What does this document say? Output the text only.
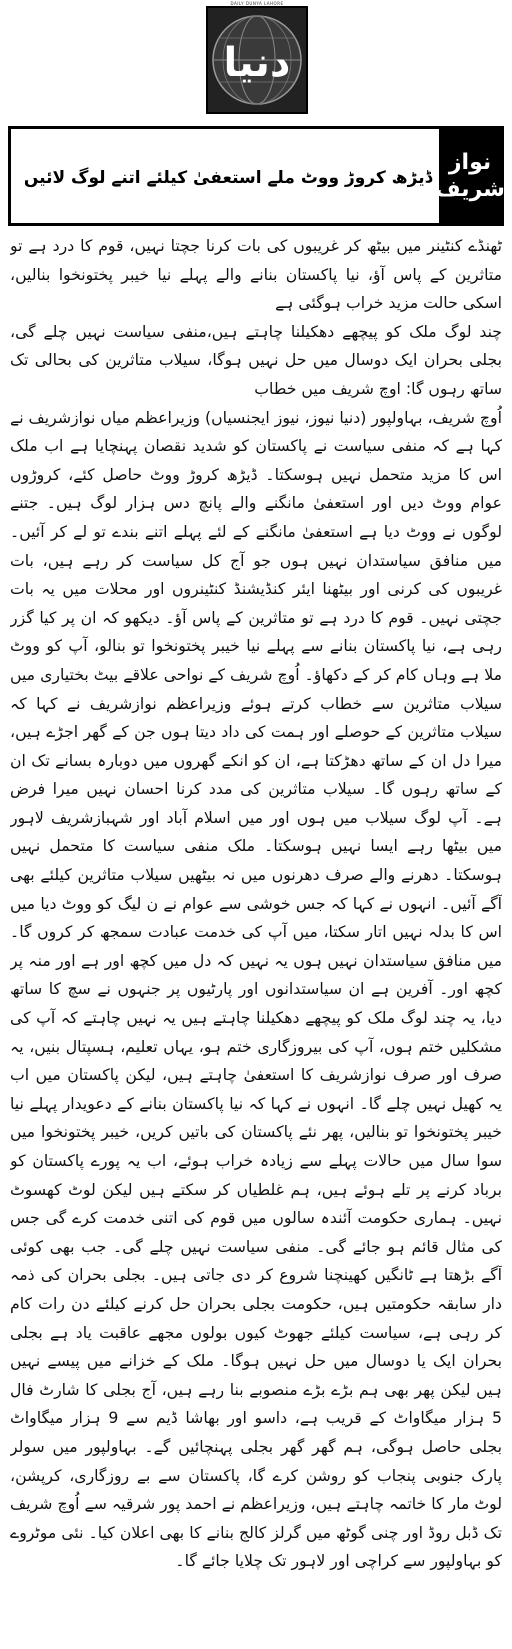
DAILY DUNYA LAHORE
دنیا
ڈیڑھ کروڑ ووٹ ملے استعفیٰ کیلئے اتنے لوگ لائیں
نواز
شریف

ٹھنڈے کنٹینر میں بیٹھ کر غریبوں کی بات کرنا جچتا نہیں، قوم کا درد ہے تو متاثرین کے پاس آؤ، نیا پاکستان بنانے والے پہلے نیا خیبر پختونخوا بنالیں، اسکی حالت مزید خراب ہوگئی ہے

چند لوگ ملک کو پیچھے دھکیلنا چاہتے ہیں،منفی سیاست نہیں چلے گی، بجلی بحران ایک دوسال میں حل نہیں ہوگا، سیلاب متاثرین کی بحالی تک ساتھ رہوں گا: اوچ شریف میں خطاب

اُوچ شریف، بہاولپور (دنیا نیوز، نیوز ایجنسیاں) وزیراعظم میاں نوازشریف نے کہا ہے کہ منفی سیاست نے پاکستان کو شدید نقصان پہنچایا ہے اب ملک اس کا مزید متحمل نہیں ہوسکتا۔ ڈیڑھ کروڑ ووٹ حاصل کئے، کروڑوں عوام ووٹ دیں اور استعفیٰ مانگنے والے پانچ دس ہزار لوگ ہیں۔ جتنے لوگوں نے ووٹ دیا ہے استعفیٰ مانگنے کے لئے پہلے اتنے بندے تو لے کر آئیں۔ میں منافق سیاستدان نہیں ہوں جو آج کل سیاست کر رہے ہیں، بات غریبوں کی کرنی اور بیٹھنا ایئر کنڈیشنڈ کنٹینروں اور محلات میں یہ بات جچتی نہیں۔ قوم کا درد ہے تو متاثرین کے پاس آؤ۔ دیکھو کہ ان پر کیا گزر رہی ہے، نیا پاکستان بنانے سے پہلے نیا خیبر پختونخوا تو بنالو، آپ کو ووٹ ملا ہے وہاں کام کر کے دکھاؤ۔ اُوچ شریف کے نواحی علاقے بیٹ بختیاری میں سیلاب متاثرین سے خطاب کرتے ہوئے وزیراعظم نوازشریف نے کہا کہ سیلاب متاثرین کے حوصلے اور ہمت کی داد دیتا ہوں جن کے گھر اجڑے ہیں، میرا دل ان کے ساتھ دھڑکتا ہے، ان کو انکے گھروں میں دوبارہ بسانے تک ان کے ساتھ رہوں گا۔ سیلاب متاثرین کی مدد کرنا احسان نہیں میرا فرض ہے۔ آپ لوگ سیلاب میں ہوں اور میں اسلام آباد اور شہبازشریف لاہور میں بیٹھا رہے ایسا نہیں ہوسکتا۔ ملک منفی سیاست کا متحمل نہیں ہوسکتا۔ دھرنے والے صرف دھرنوں میں نہ بیٹھیں سیلاب متاثرین کیلئے بھی آگے آئیں۔ انہوں نے کہا کہ جس خوشی سے عوام نے ن لیگ کو ووٹ دیا میں اس کا بدلہ نہیں اتار سکتا، میں آپ کی خدمت عبادت سمجھ کر کروں گا۔ میں منافق سیاستدان نہیں ہوں یہ نہیں کہ دل میں کچھ اور ہے اور منہ پر کچھ اور۔ آفرین ہے ان سیاستدانوں اور پارٹیوں پر جنہوں نے سچ کا ساتھ دیا، یہ چند لوگ ملک کو پیچھے دھکیلنا چاہتے ہیں یہ نہیں چاہتے کہ آپ کی مشکلیں ختم ہوں، آپ کی بیروزگاری ختم ہو، یہاں تعلیم، ہسپتال بنیں، یہ صرف اور صرف نوازشریف کا استعفیٰ چاہتے ہیں، لیکن پاکستان میں اب یہ کھیل نہیں چلے گا۔ انہوں نے کہا کہ نیا پاکستان بنانے کے دعویدار پہلے نیا خیبر پختونخوا تو بنالیں، پھر نئے پاکستان کی باتیں کریں، خیبر پختونخوا میں سوا سال میں حالات پہلے سے زیادہ خراب ہوئے، اب یہ پورے پاکستان کو برباد کرنے پر تلے ہوئے ہیں، ہم غلطیاں کر سکتے ہیں لیکن لوٹ کھسوٹ نہیں۔ ہماری حکومت آئندہ سالوں میں قوم کی اتنی خدمت کرے گی جس کی مثال قائم ہو جائے گی۔ منفی سیاست نہیں چلے گی۔ جب بھی کوئی آگے بڑھتا ہے ٹانگیں کھینچنا شروع کر دی جاتی ہیں۔ بجلی بحران کی ذمہ دار سابقہ حکومتیں ہیں، حکومت بجلی بحران حل کرنے کیلئے دن رات کام کر رہی ہے، سیاست کیلئے جھوٹ کیوں بولوں مجھے عاقبت یاد ہے بجلی بحران ایک یا دوسال میں حل نہیں ہوگا۔ ملک کے خزانے میں پیسے نہیں ہیں لیکن پھر بھی ہم بڑے بڑے منصوبے بنا رہے ہیں، آج بجلی کا شارٹ فال 5 ہزار میگاواٹ کے قریب ہے، داسو اور بھاشا ڈیم سے 9 ہزار میگاواٹ بجلی حاصل ہوگی، ہم گھر گھر بجلی پہنچائیں گے۔ بہاولپور میں سولر پارک جنوبی پنجاب کو روشن کرے گا، پاکستان سے بے روزگاری، کرپشن، لوٹ مار کا خاتمہ چاہتے ہیں، وزیراعظم نے احمد پور شرقیہ سے اُوچ شریف تک ڈبل روڈ اور چنی گوٹھ میں گرلز کالج بنانے کا بھی اعلان کیا۔ نئی موٹروے کو بہاولپور سے کراچی اور لاہور تک چلایا جائے گا۔
